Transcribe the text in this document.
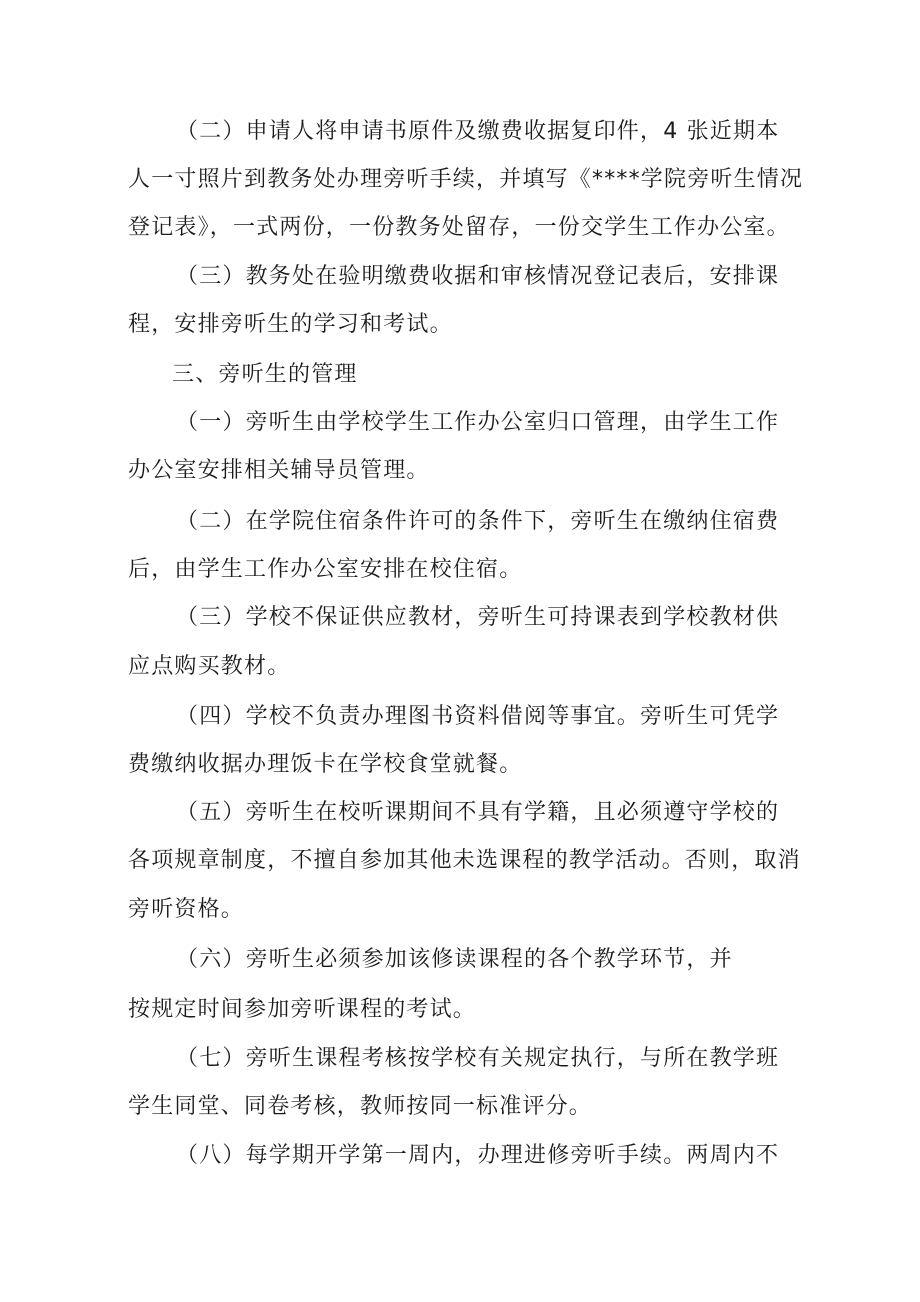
（二）申请人将申请书原件及缴费收据复印件，4 张近期本
人一寸照片到教务处办理旁听手续，并填写《****学院旁听生情况
登记表》，一式两份，一份教务处留存，一份交学生工作办公室。
（三）教务处在验明缴费收据和审核情况登记表后，安排课
程，安排旁听生的学习和考试。
三、旁听生的管理
（一）旁听生由学校学生工作办公室归口管理，由学生工作
办公室安排相关辅导员管理。
（二）在学院住宿条件许可的条件下，旁听生在缴纳住宿费
后，由学生工作办公室安排在校住宿。
（三）学校不保证供应教材，旁听生可持课表到学校教材供
应点购买教材。
（四）学校不负责办理图书资料借阅等事宜。旁听生可凭学
费缴纳收据办理饭卡在学校食堂就餐。
（五）旁听生在校听课期间不具有学籍，且必须遵守学校的
各项规章制度，不擅自参加其他未选课程的教学活动。否则，取消
旁听资格。
（六）旁听生必须参加该修读课程的各个教学环节，并
按规定时间参加旁听课程的考试。
（七）旁听生课程考核按学校有关规定执行，与所在教学班
学生同堂、同卷考核，教师按同一标准评分。
（八）每学期开学第一周内，办理进修旁听手续。两周内不
